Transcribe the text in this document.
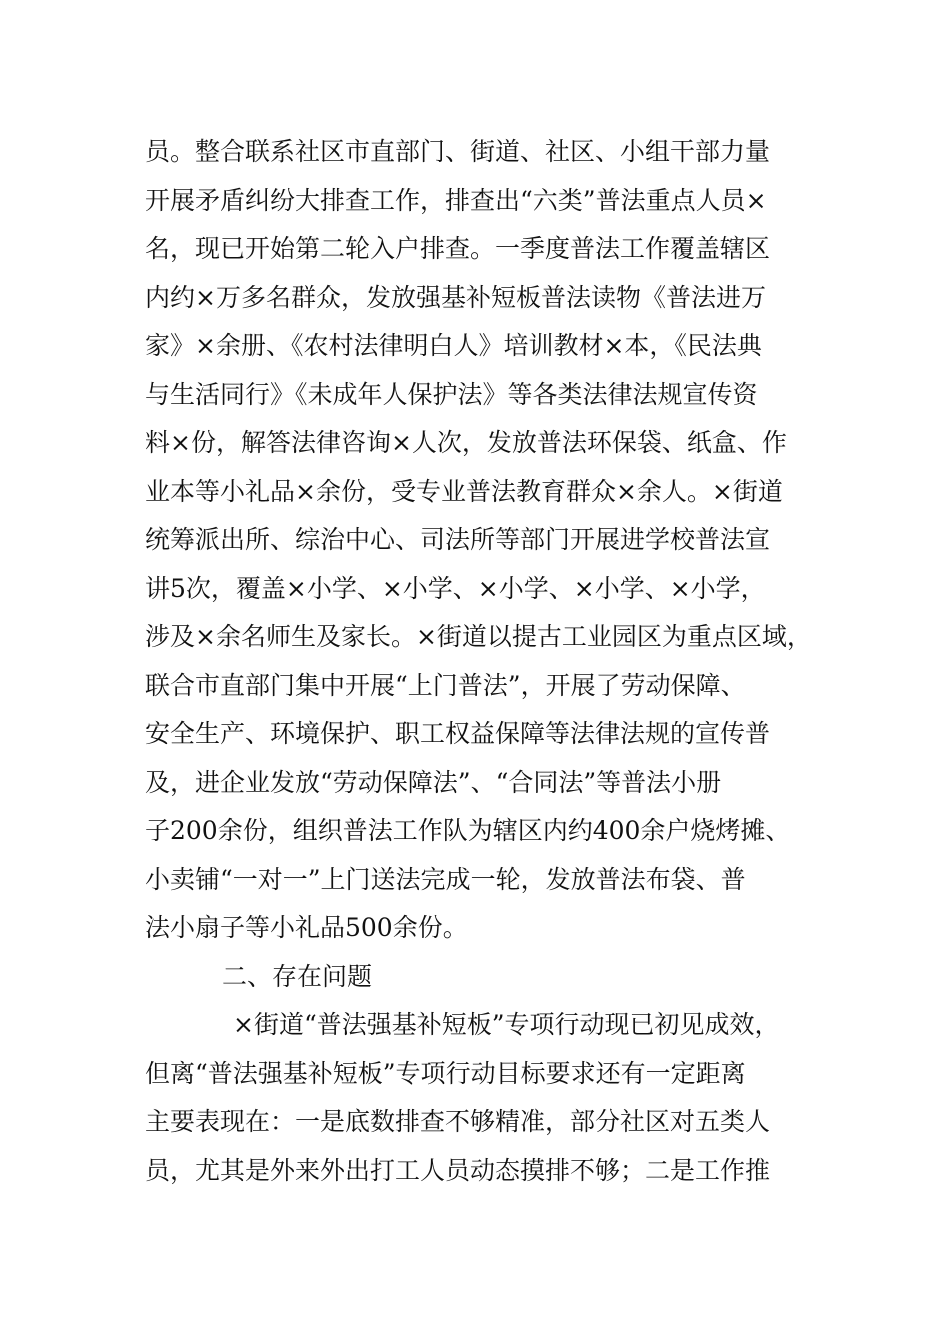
员。整合联系社区市直部门、街道、社区、小组干部力量
开展矛盾纠纷大排查工作，排查出“六类”普法重点人员×
名，现已开始第二轮入户排查。一季度普法工作覆盖辖区
内约×万多名群众，发放强基补短板普法读物《普法进万
家》×余册、《农村法律明白人》培训教材×本，《民法典
与生活同行》《未成年人保护法》等各类法律法规宣传资
料×份，解答法律咨询×人次，发放普法环保袋、纸盒、作
业本等小礼品×余份，受专业普法教育群众×余人。×街道
统筹派出所、综治中心、司法所等部门开展进学校普法宣
讲5次，覆盖×小学、×小学、×小学、×小学、×小学，
涉及×余名师生及家长。×街道以提古工业园区为重点区域，
联合市直部门集中开展“上门普法”，开展了劳动保障、
安全生产、环境保护、职工权益保障等法律法规的宣传普
及，进企业发放“劳动保障法”、“合同法”等普法小册
子200余份，组织普法工作队为辖区内约400余户烧烤摊、
小卖铺“一对一”上门送法完成一轮，发放普法布袋、普
法小扇子等小礼品500余份。
二、存在问题
×街道“普法强基补短板”专项行动现已初见成效，
但离“普法强基补短板”专项行动目标要求还有一定距离
主要表现在：一是底数排查不够精准，部分社区对五类人
员，尤其是外来外出打工人员动态摸排不够；二是工作推
